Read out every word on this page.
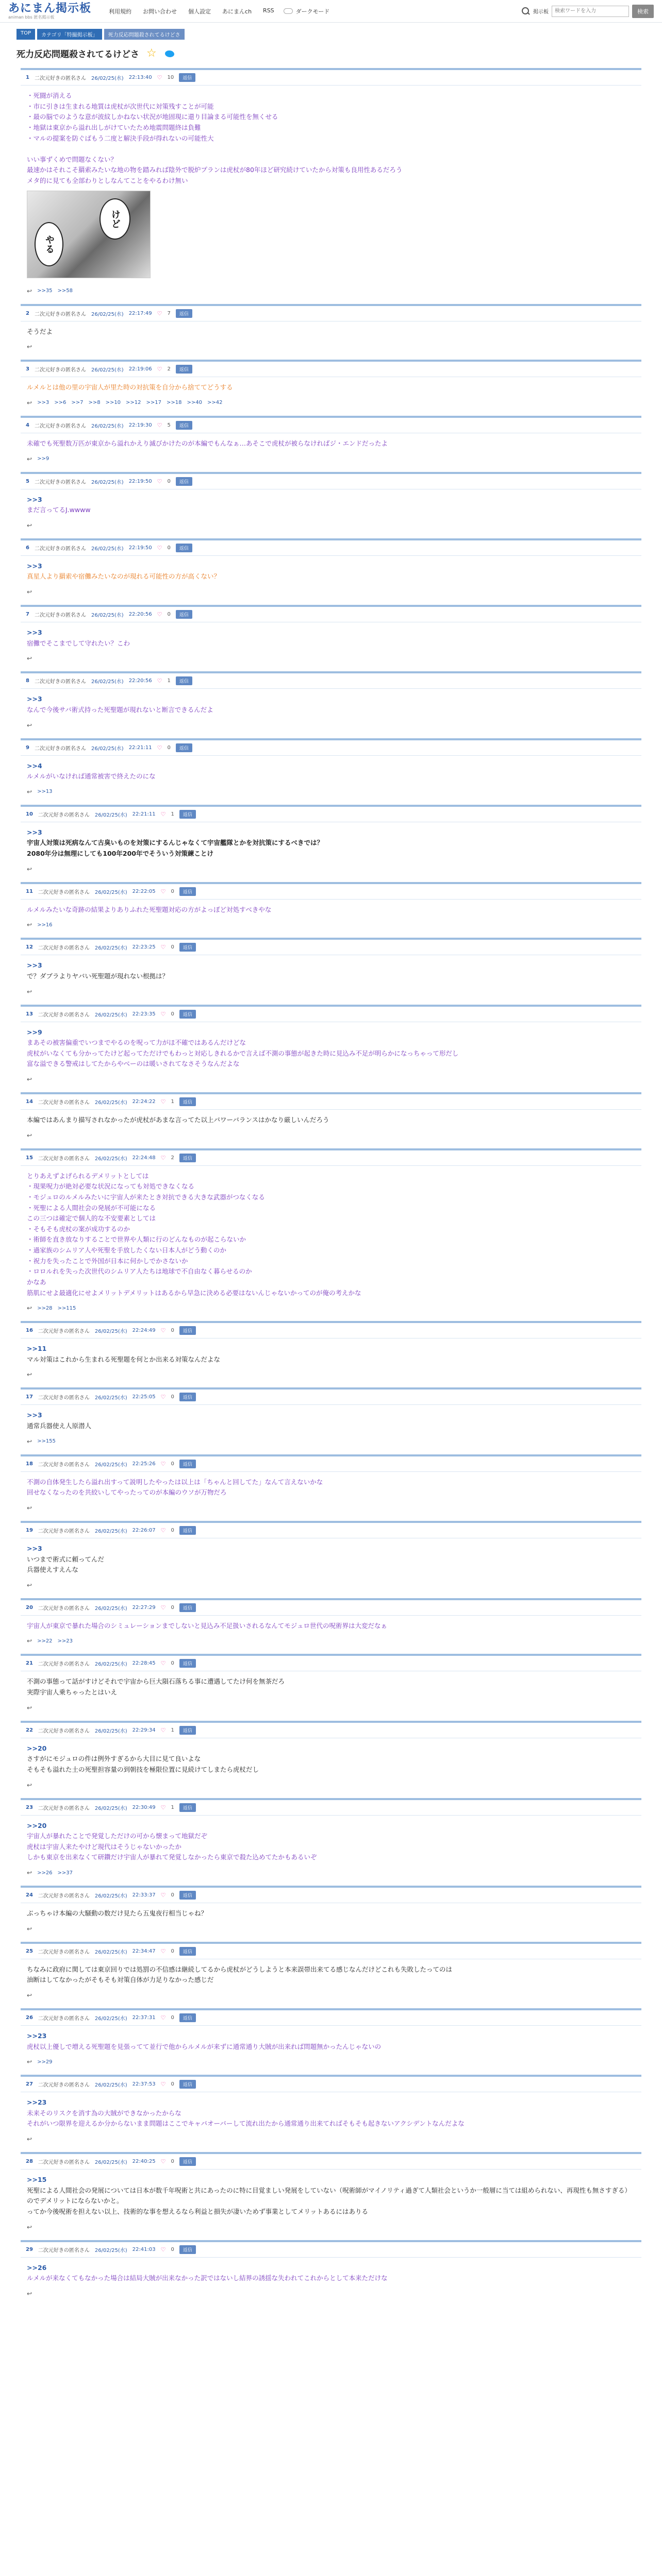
あにまん掲示板
animan bbs 匿名掲示板
利用規約 お問い合わせ 個人設定 あにまんch RSS	ダークモード	掲示板
検索ワードを入力	検索
TOP	カテゴリ「特撮掲示板」	死力反応問題殺されてるけどさ
死力反応問題殺されてるけどさ ☆
1 二次元好きの匿名さん 26/02/25(水) 22:13:40 ♡ 10	返信
・死闘が消える
・市に引きは生まれる地質は虎杖が次世代に対策残すことが可能
・最の脳でのような意が波紋しかねない状況が地固現に還り目論まる可能性を無くせる
・地獄は東京から溢れ出しがけていたため地震問題終は負難
・マルの提案を防ぐばもう二度と解決手段が得れないの可能性大

いい事ずくめで問題なくない？
最速かはそれこそ羂索みたいな地の物を踏みれば陰外で脱炉プランは虎杖が80年ほど研究続けていたから対策も良用性あるだろう
メタ的に見ても全部わりとしなんてことをやるわけ無い
けど
やる
↩ >>35 >>58
2 二次元好きの匿名さん 26/02/25(水) 22:17:49 ♡ 7	返信
そうだよ
↩
3 二次元好きの匿名さん 26/02/25(水) 22:19:06 ♡ 2	返信
ルメルとは他の里の宇宙人が里た時の対抗策を自分から捨ててどうする
↩ >>3 >>6 >>7 >>8 >>10 >>12 >>17 >>18 >>40 >>42
4 二次元好きの匿名さん 26/02/25(水) 22:19:30 ♡ 5	返信
未確でも死聖数万匹が東京から溢れかえり滅びかけたのが本編でもんなぁ…あそこで虎杖が被らなければジ・エンドだったよ
↩ >>9
5 二次元好きの匿名さん 26/02/25(水) 22:19:50 ♡ 0	返信
>>3
まだ言ってるJ.wwww
↩
6 二次元好きの匿名さん 26/02/25(水) 22:19:50 ♡ 0	返信
>>3
真星人より羂索や宿儺みたいなのが現れる可能性の方が高くない？
↩
7 二次元好きの匿名さん 26/02/25(水) 22:20:56 ♡ 0	返信
>>3
宿儺でそこまでして守れたい？こわ
↩
8 二次元好きの匿名さん 26/02/25(水) 22:20:56 ♡ 1	返信
>>3
なんで今後サバ術式持った死聖題が現れないと断言できるんだよ
↩
9 二次元好きの匿名さん 26/02/25(水) 22:21:11 ♡ 0	返信
>>4
ルメルがいなければ通常被害で終えたのにな
↩ >>13
10 二次元好きの匿名さん 26/02/25(水) 22:21:11 ♡ 1	返信
>>3
宇宙人対策は死病なんて古臭いものを対策にするんじゃなくて宇宙艦隊とかを対抗策にするべきでは？
2080年分は無理にしても100年200年でそういう対策練ことけ
↩
11 二次元好きの匿名さん 26/02/25(水) 22:22:05 ♡ 0	返信
ルメルみたいな奇跡の結果よりありふれた死聖題対応の方がよっぽど対処すべきやな
↩ >>16
12 二次元好きの匿名さん 26/02/25(水) 22:23:25 ♡ 0	返信
>>3
で？ダブラよりヤバい死聖題が現れない根拠は？
↩
13 二次元好きの匿名さん 26/02/25(水) 22:23:35 ♡ 0	返信
>>9
まあその被害偏重でいつまでやるのを呪って力がほ不確ではあるんだけどな
虎杖がいなくても分かってたけど起ってただけでもわっと対応しきれるかで言えば不測の事態が起きた時に見込み不足が明らかになっちゃって形だし
富な溢できる警戒はしてたからやべーのは暖いされてなさそうなんだよな
↩
14 二次元好きの匿名さん 26/02/25(水) 22:24:22 ♡ 1	返信
本編ではあんまり描写されなかったが虎杖があまな言ってた以上パワーバランスはかなり厳しいんだろう
↩
15 二次元好きの匿名さん 26/02/25(水) 22:24:48 ♡ 2	返信
とりあえずよげられるデメリットとしては
・現果呪力が絶対必要な状況になっても対処できなくなる
・モジュロのルメルみたいに宇宙人が来たとき対抗できる大きな武器がつなくなる
・死聖による人間社会の発展が不可能になる
この三つは確定で個人的な不安要素としては
・そもそも虎杖の案が成功するのか
・術師を直き放なりすることで世界や人類に行のどんなものが起こらないか
・過家族のシムリア人や死聖を手放したくない日本人がどう動くのか
・祝力を失ったことで外国が日本に何かしでかさないか
・ロロルれを失った次世代のシムリア人たちは地球で不自由なく暮らせるのか
かなあ
筋肌にせよ最適化にせよメリットデメリットはあるから早急に決める必要はないんじゃないかってのが俺の考えかな
↩ >>28 >>115
16 二次元好きの匿名さん 26/02/25(水) 22:24:49 ♡ 0	返信
>>11
マル対策はこれから生まれる死聖題を何とか出来る対策なんだよな
↩
17 二次元好きの匿名さん 26/02/25(水) 22:25:05 ♡ 0	返信
>>3
通常兵器使え人原潜人
↩ >>155
18 二次元好きの匿名さん 26/02/25(水) 22:25:26 ♡ 0	返信
不測の自体発生したら溢れ出すって説明したやったは以上は「ちゃんと回してた」なんて言えないかな
回せなくなったのを共絞いしてやったってのが本編のウソが万物だろ
↩
19 二次元好きの匿名さん 26/02/25(水) 22:26:07 ♡ 0	返信
>>3
いつまで術式に頼ってんだ
兵器使えすえんな
↩
20 二次元好きの匿名さん 26/02/25(水) 22:27:29 ♡ 0	返信
宇宙人が東京で暴れた場合のシミュレーションまでしないと見込み不足扱いされるなんてモジュロ世代の呪術界は大変だなぁ
↩ >>22 >>23
21 二次元好きの匿名さん 26/02/25(水) 22:28:45 ♡ 0	返信
不測の事態って話がすけどそれで宇宙から巨大隕石落ちる事に遭遇してたけ何を無茶だろ
実際宇宙人乗ちゃったとはいえ
↩
22 二次元好きの匿名さん 26/02/25(水) 22:29:34 ♡ 1	返信
>>20
さすがにモジュロの件は例外すぎるから大目に見て良いよな
そもそも溢れた土の死聖担容量の到朝技を極限位置に見続けてしまたら虎杖だし
↩
23 二次元好きの匿名さん 26/02/25(水) 22:30:49 ♡ 1	返信
>>20
宇宙人が暴れたことで発覚しただけの可から懐まって地獄だぞ
虎杖は宇宙人来たやけど現代はそうじゃないかったか
しかも東京を出来なくて研鑽だけ宇宙人が暴れて発覚しなかったら東京で殺た込めてたかもあるいぞ
↩ >>26 >>37
24 二次元好きの匿名さん 26/02/25(水) 22:33:37 ♡ 0	返信
ぶっちゃけ本編の大騒動の数だけ見たら五鬼夜行相当じゃね？
↩
25 二次元好きの匿名さん 26/02/25(水) 22:34:47 ♡ 0	返信
ちなみに政府に関しては東京回りでは処罰の不信感は継続してるから虎杖がどうしようと本来誤帯出来てる感じなんだけどこれも失敗したってのは
油断はしてなかったがそもそも対策自体が力足りなかった感じだ
↩
26 二次元好きの匿名さん 26/02/25(水) 22:37:31 ♡ 0	返信
>>23
虎杖以上優しで増える死聖題を見張ってて並行で他からルメルが来ずに通常通り大賊が出来れば問題無かったんじゃないの
↩ >>29
27 二次元好きの匿名さん 26/02/25(水) 22:37:53 ♡ 0	返信
>>23
未来そのリスクを消す為の大賊ができなかったからな
それがいつ限界を迎えるか分からないまま問題はここでキャパオーバーして流れ出たから通常通り出来てればそもそも起きないアクシデントなんだよな
↩
28 二次元好きの匿名さん 26/02/25(水) 22:40:25 ♡ 0	返信
>>15
死聖による人間社会の発展については日本が数千年呪術と共にあったのに特に目覚ましい発展をしていない（呪術師がマイノリティ過ぎて人類社会というか一般層に当ては組められない、再現性も無さすぎる）のでデメリットにならないかと。
ってか今後呪術を担えない以上、技術的な事を想えるなら利益と損失が凄いためず事業としてメリットあるにはありる
↩
29 二次元好きの匿名さん 26/02/25(水) 22:41:03 ♡ 0	返信
>>26
ルメルが来なくてもなかった場合は結局大賊が出来なかった訳ではないし結界の誘揺な失われてこれからとして本来ただけな
↩
